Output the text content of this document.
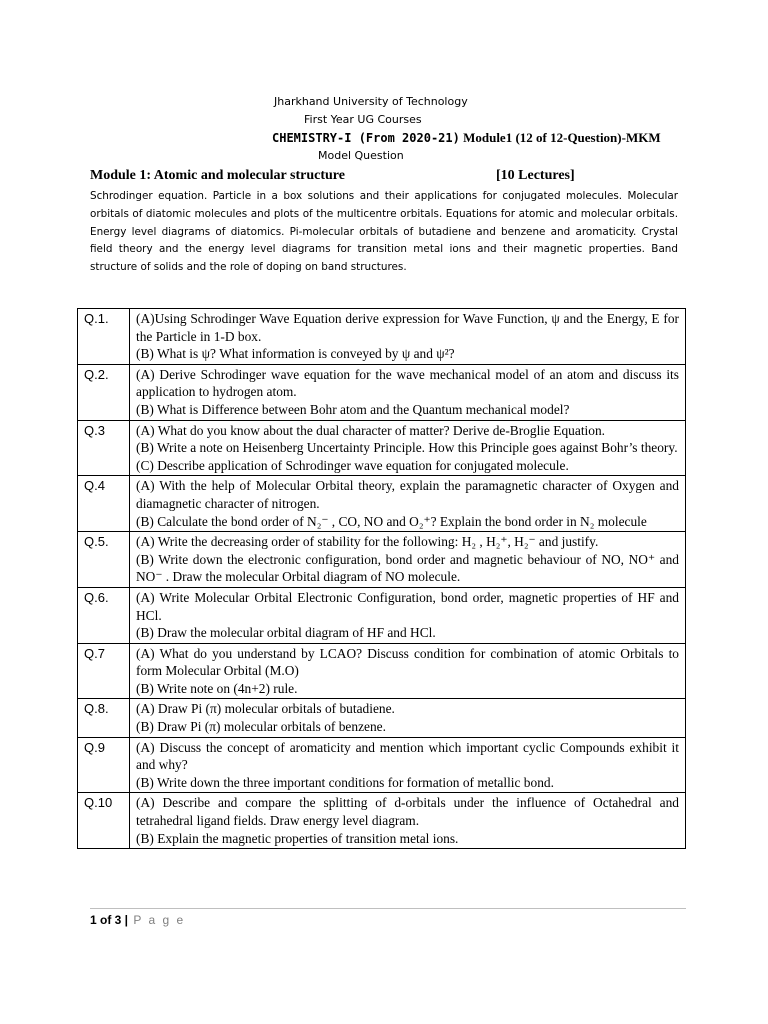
Jharkhand University of Technology
First Year UG Courses
CHEMISTRY-I (From 2020-21) Module1 (12 of 12-Question)-MKM
Model Question
Module 1: Atomic and molecular structure	[10 Lectures]
Schrodinger equation. Particle in a box solutions and their applications for conjugated molecules. Molecular orbitals of diatomic molecules and plots of the multicentre orbitals. Equations for atomic and molecular orbitals. Energy level diagrams of diatomics. Pi-molecular orbitals of butadiene and benzene and aromaticity. Crystal field theory and the energy level diagrams for transition metal ions and their magnetic properties. Band structure of solids and the role of doping on band structures.
Q.1.	(A)Using Schrodinger Wave Equation derive expression for Wave Function, ψ and the Energy, E for the Particle in 1-D box.
(B) What is ψ? What information is conveyed by ψ and ψ²?

Q.2.	(A) Derive Schrodinger wave equation for the wave mechanical model of an atom and discuss its application to hydrogen atom.
(B) What is Difference between Bohr atom and the Quantum mechanical model?

Q.3	(A) What do you know about the dual character of matter? Derive de-Broglie Equation.
(B) Write a note on Heisenberg Uncertainty Principle. How this Principle goes against Bohr’s theory.
(C) Describe application of Schrodinger wave equation for conjugated molecule.

Q.4	(A) With the help of Molecular Orbital theory, explain the paramagnetic character of Oxygen and diamagnetic character of nitrogen.
(B) Calculate the bond order of N₂⁻ , CO, NO and O₂⁺? Explain the bond order in N₂ molecule

Q.5.	(A) Write the decreasing order of stability for the following: H₂ , H₂⁺, H₂⁻ and justify.
(B) Write down the electronic configuration, bond order and magnetic behaviour of NO, NO⁺ and NO⁻ . Draw the molecular Orbital diagram of NO molecule.

Q.6.	(A) Write Molecular Orbital Electronic Configuration, bond order, magnetic properties of HF and HCl.
(B) Draw the molecular orbital diagram of HF and HCl.

Q.7	(A) What do you understand by LCAO? Discuss condition for combination of atomic Orbitals to form Molecular Orbital (M.O)
(B) Write note on (4n+2) rule.

Q.8.	(A) Draw Pi (π) molecular orbitals of butadiene.
(B) Draw Pi (π) molecular orbitals of benzene.

Q.9	(A) Discuss the concept of aromaticity and mention which important cyclic Compounds exhibit it and why?
(B) Write down the three important conditions for formation of metallic bond.

Q.10	(A) Describe and compare the splitting of d-orbitals under the influence of Octahedral and tetrahedral ligand fields. Draw energy level diagram.
(B) Explain the magnetic properties of transition metal ions.
1 of 3 | P a g e
